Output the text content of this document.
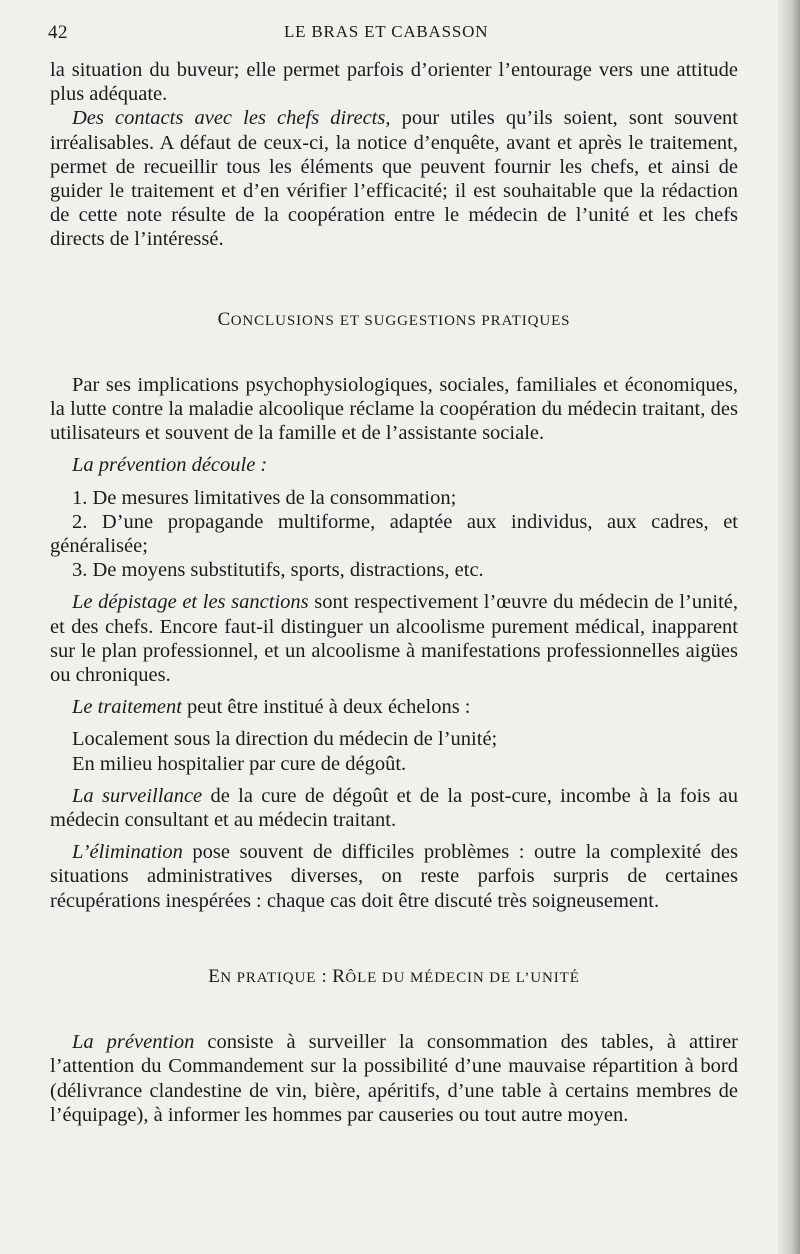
42	LE BRAS ET CABASSON

la situation du buveur; elle permet parfois d’orienter l’entourage vers une attitude plus adéquate.

Des contacts avec les chefs directs, pour utiles qu’ils soient, sont souvent irréalisables. A défaut de ceux-ci, la notice d’enquête, avant et après le traitement, permet de recueillir tous les éléments que peuvent fournir les chefs, et ainsi de guider le traitement et d’en vérifier l’efficacité; il est souhaitable que la rédaction de cette note résulte de la coopération entre le médecin de l’unité et les chefs directs de l’intéressé.

CONCLUSIONS ET SUGGESTIONS PRATIQUES

Par ses implications psychophysiologiques, sociales, familiales et économiques, la lutte contre la maladie alcoolique réclame la coopération du médecin traitant, des utilisateurs et souvent de la famille et de l’assistante sociale.

La prévention découle :

1. De mesures limitatives de la consommation;

2. D’une propagande multiforme, adaptée aux individus, aux cadres, et généralisée;

3. De moyens substitutifs, sports, distractions, etc.

Le dépistage et les sanctions sont respectivement l’œuvre du médecin de l’unité, et des chefs. Encore faut-il distinguer un alcoolisme purement médical, inapparent sur le plan professionnel, et un alcoolisme à manifestations professionnelles aigües ou chroniques.

Le traitement peut être institué à deux échelons :

Localement sous la direction du médecin de l’unité;

En milieu hospitalier par cure de dégoût.

La surveillance de la cure de dégoût et de la post-cure, incombe à la fois au médecin consultant et au médecin traitant.

L’élimination pose souvent de difficiles problèmes : outre la complexité des situations administratives diverses, on reste parfois surpris de certaines récupérations inespérées : chaque cas doit être discuté très soigneusement.

EN PRATIQUE : RÔLE DU MÉDECIN DE L’UNITÉ

La prévention consiste à surveiller la consommation des tables, à attirer l’attention du Commandement sur la possibilité d’une mauvaise répartition à bord (délivrance clandestine de vin, bière, apéritifs, d’une table à certains membres de l’équipage), à informer les hommes par causeries ou tout autre moyen.
